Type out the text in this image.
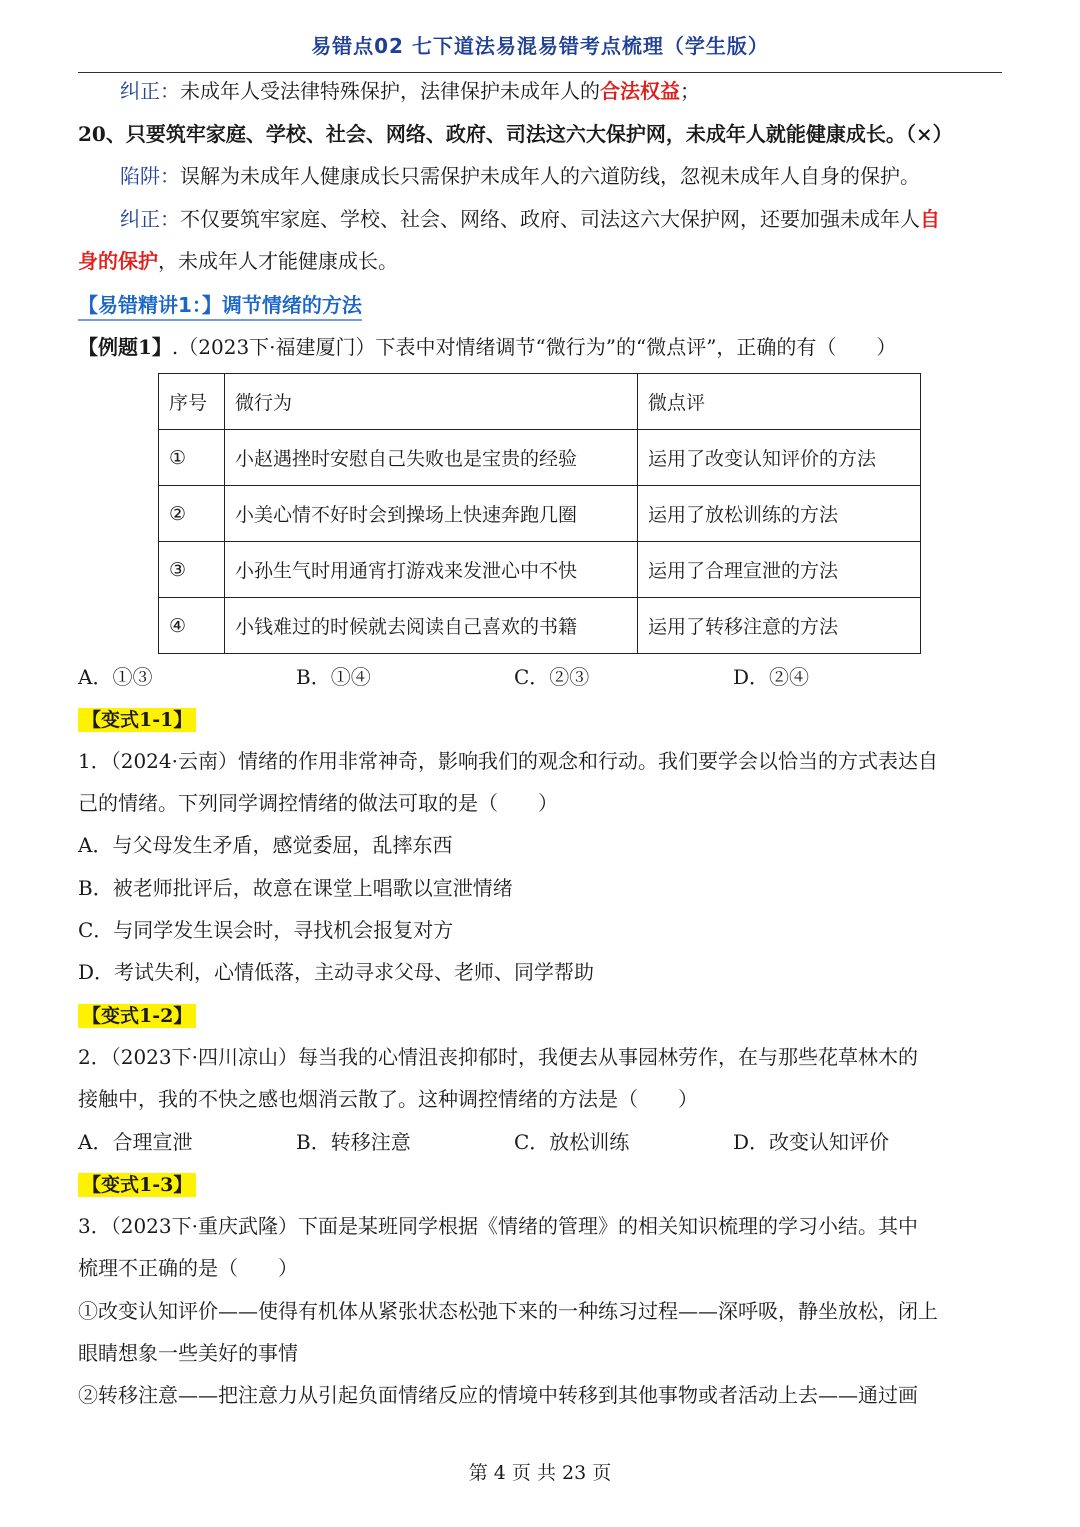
易错点02 七下道法易混易错考点梳理（学生版）
纠正：未成年人受法律特殊保护，法律保护未成年人的合法权益；
20、只要筑牢家庭、学校、社会、网络、政府、司法这六大保护网，未成年人就能健康成长。（×）
陷阱：误解为未成年人健康成长只需保护未成年人的六道防线，忽视未成年人自身的保护。
纠正：不仅要筑牢家庭、学校、社会、网络、政府、司法这六大保护网，还要加强未成年人自
身的保护，未成年人才能健康成长。
【易错精讲1：】调节情绪的方法
【例题1】.（2023下·福建厦门）下表中对情绪调节“微行为”的“微点评”，正确的有（　　）
序号	微行为	微点评
①	小赵遇挫时安慰自己失败也是宝贵的经验	运用了改变认知评价的方法
②	小美心情不好时会到操场上快速奔跑几圈	运用了放松训练的方法
③	小孙生气时用通宵打游戏来发泄心中不快	运用了合理宣泄的方法
④	小钱难过的时候就去阅读自己喜欢的书籍	运用了转移注意的方法
A．①③	B．①④	C．②③	D．②④
【变式1-1】
1．（2024·云南）情绪的作用非常神奇，影响我们的观念和行动。我们要学会以恰当的方式表达自
己的情绪。下列同学调控情绪的做法可取的是（　　）
A．与父母发生矛盾，感觉委屈，乱摔东西
B．被老师批评后，故意在课堂上唱歌以宣泄情绪
C．与同学发生误会时，寻找机会报复对方
D．考试失利，心情低落，主动寻求父母、老师、同学帮助
【变式1-2】
2．（2023下·四川凉山）每当我的心情沮丧抑郁时，我便去从事园林劳作，在与那些花草林木的
接触中，我的不快之感也烟消云散了。这种调控情绪的方法是（　　）
A．合理宣泄	B．转移注意	C．放松训练	D．改变认知评价
【变式1-3】
3．（2023下·重庆武隆）下面是某班同学根据《情绪的管理》的相关知识梳理的学习小结。其中
梳理不正确的是（　　）
①改变认知评价——使得有机体从紧张状态松弛下来的一种练习过程——深呼吸，静坐放松，闭上
眼睛想象一些美好的事情
②转移注意——把注意力从引起负面情绪反应的情境中转移到其他事物或者活动上去——通过画
第 4 页 共 23 页
